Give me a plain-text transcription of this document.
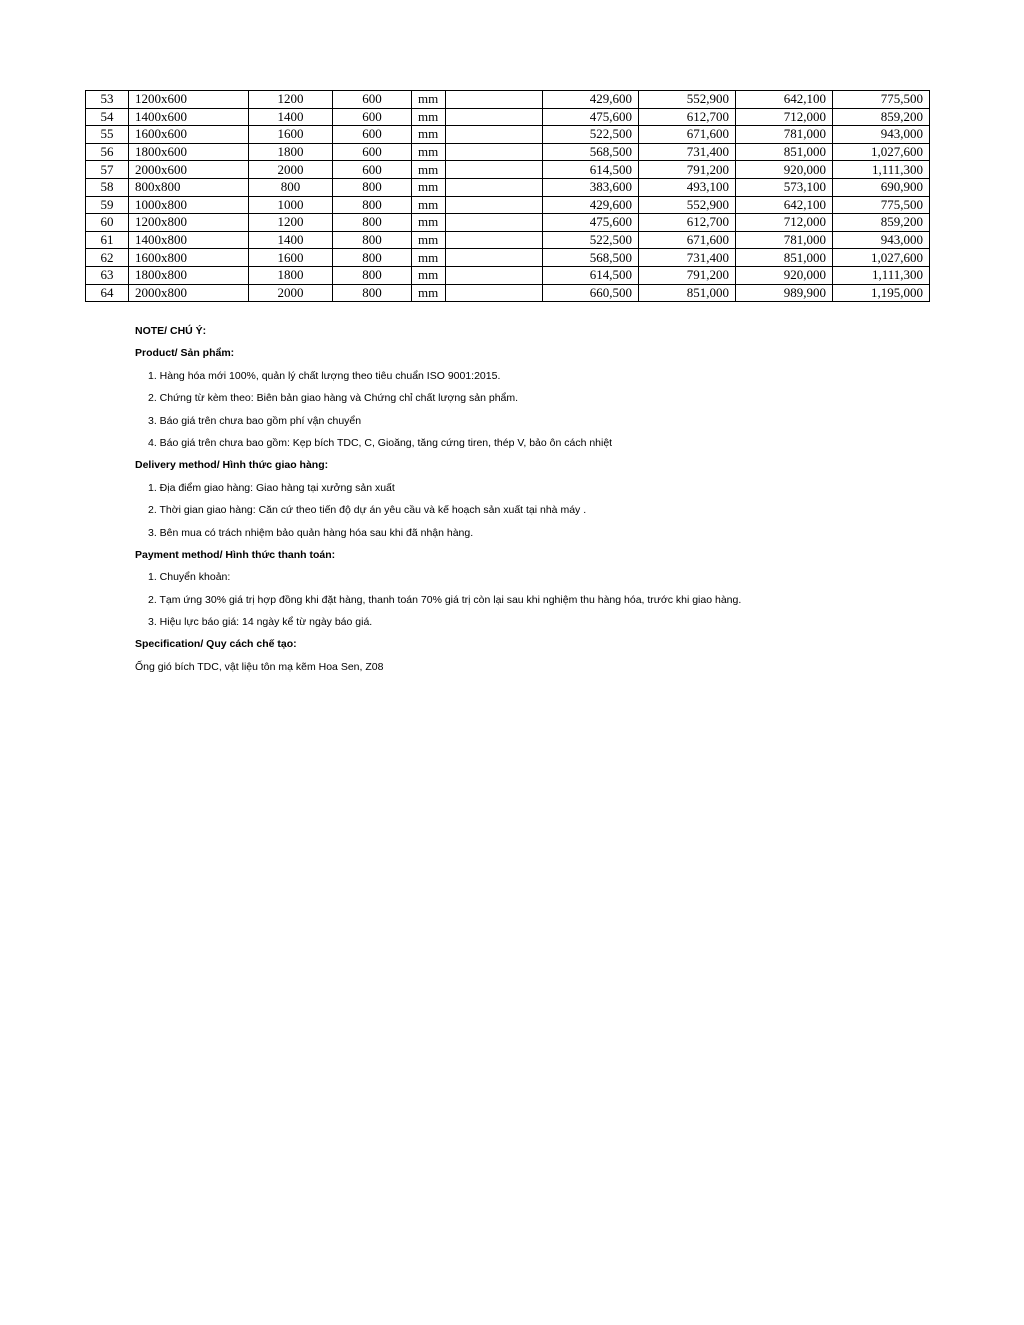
53	1200x600	1200	600	mm		429,600	552,900	642,100	775,500
54	1400x600	1400	600	mm		475,600	612,700	712,000	859,200
55	1600x600	1600	600	mm		522,500	671,600	781,000	943,000
56	1800x600	1800	600	mm		568,500	731,400	851,000	1,027,600
57	2000x600	2000	600	mm		614,500	791,200	920,000	1,111,300
58	800x800	800	800	mm		383,600	493,100	573,100	690,900
59	1000x800	1000	800	mm		429,600	552,900	642,100	775,500
60	1200x800	1200	800	mm		475,600	612,700	712,000	859,200
61	1400x800	1400	800	mm		522,500	671,600	781,000	943,000
62	1600x800	1600	800	mm		568,500	731,400	851,000	1,027,600
63	1800x800	1800	800	mm		614,500	791,200	920,000	1,111,300
64	2000x800	2000	800	mm		660,500	851,000	989,900	1,195,000
NOTE/ CHÚ Ý:
Product/ Sản phẩm:
1. Hàng hóa mới 100%, quản lý chất lượng theo tiêu chuẩn ISO 9001:2015.
2. Chứng từ kèm theo: Biên bản giao hàng và Chứng chỉ chất lượng sản phẩm.
3. Báo giá trên chưa bao gồm phí vận chuyển
4. Báo giá trên chưa bao gồm: Kẹp bích TDC, C, Gioăng, tăng cứng tiren, thép V, bảo ôn cách nhiệt
Delivery method/ Hình thức giao hàng:
1. Địa điểm giao hàng: Giao hàng tại xưởng sản xuất
2. Thời gian giao hàng: Căn cứ theo tiến độ dự án yêu cầu và kế hoạch sản xuất tại nhà máy .
3. Bên mua có trách nhiệm bảo quản hàng hóa sau khi đã nhận hàng.
Payment method/ Hình thức thanh toán:
1. Chuyển khoản:
2. Tạm ứng 30% giá trị hợp đồng khi đặt hàng, thanh toán 70% giá trị còn lại sau khi nghiệm thu hàng hóa, trước khi giao hàng.
3. Hiệu lực báo giá: 14 ngày kể từ ngày báo giá.
Specification/ Quy cách chế tạo:
Ống gió bích TDC, vật liệu tôn mạ kẽm Hoa Sen, Z08
